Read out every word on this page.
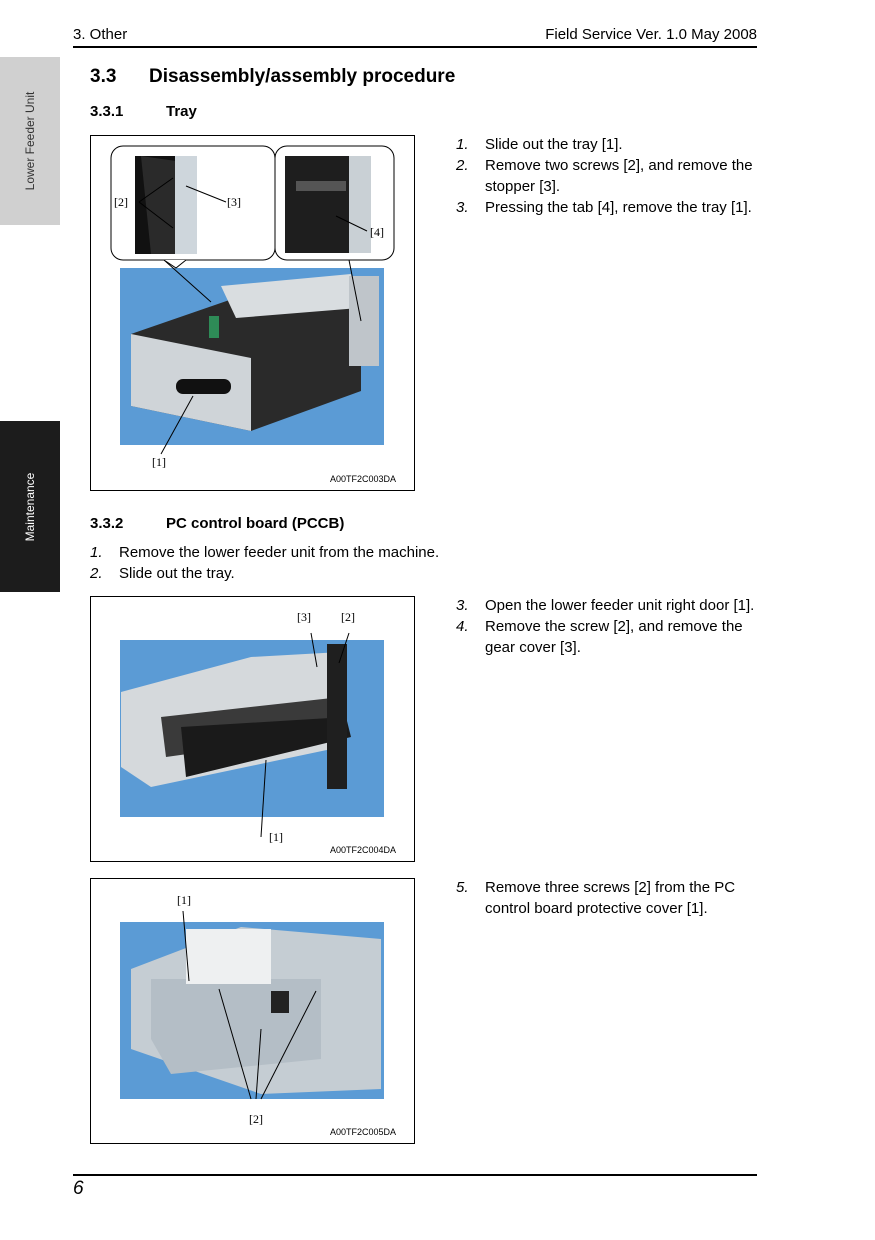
3. Other	Field Service Ver. 1.0 May 2008
Lower Feeder Unit
Maintenance
3.3 Disassembly/assembly procedure
3.3.1	Tray
[1]
[2]	[3]
[4]
A00TF2C003DA
1. Slide out the tray [1].
2. Remove two screws [2], and remove the stopper [3].
3. Pressing the tab [4], remove the tray [1].
3.3.2	PC control board (PCCB)
1. Remove the lower feeder unit from the machine.
2. Slide out the tray.
[3]	[2]
[1]
A00TF2C004DA
3. Open the lower feeder unit right door [1].
4. Remove the screw [2], and remove the gear cover [3].
[1]
[2]
A00TF2C005DA
5. Remove three screws [2] from the PC control board protective cover [1].
6
